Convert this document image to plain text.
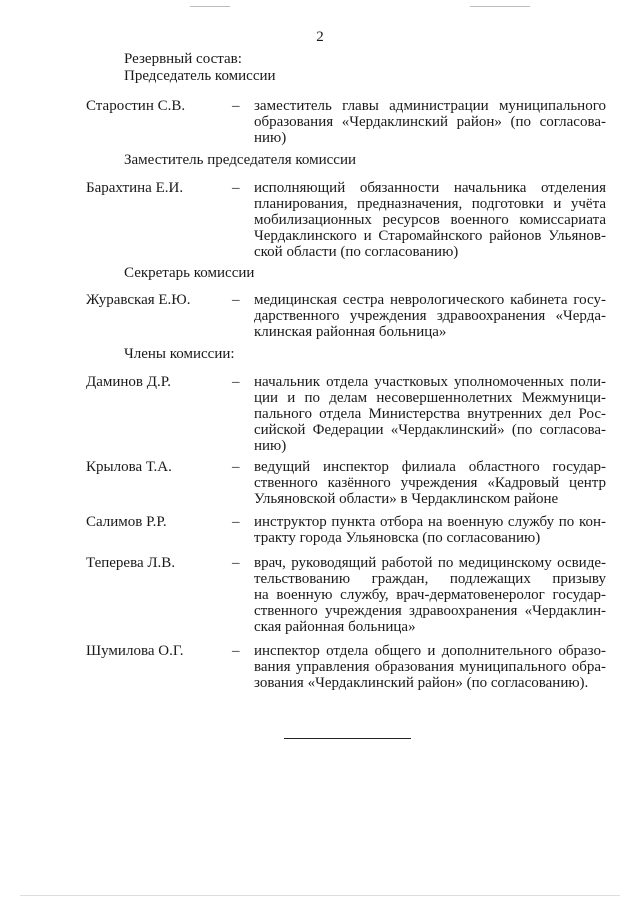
2
Резервный состав:
Председатель комиссии
Старостин С.В.	– заместитель главы администрации муниципального
образования «Чердаклинский район» (по согласова-
нию)
Заместитель председателя комиссии
Барахтина Е.И.	– исполняющий обязанности начальника отделения
планирования, предназначения, подготовки и учёта
мобилизационных ресурсов военного комиссариата
Чердаклинского и Старомайнского районов Ульянов-
ской области (по согласованию)
Секретарь комиссии
Журавская Е.Ю.	– медицинская сестра неврологического кабинета госу-
дарственного учреждения здравоохранения «Черда-
клинская районная больница»
Члены комиссии:
Даминов Д.Р.	– начальник отдела участковых уполномоченных поли-
ции и по делам несовершеннолетних Межмуници-
пального отдела Министерства внутренних дел Рос-
сийской Федерации «Чердаклинский» (по согласова-
нию)
Крылова Т.А.	– ведущий инспектор филиала областного государ-
ственного казённого учреждения «Кадровый центр
Ульяновской области» в Чердаклинском районе
Салимов Р.Р.	– инструктор пункта отбора на военную службу по кон-
тракту города Ульяновска (по согласованию)
Теперева Л.В.	– врач, руководящий работой по медицинскому освиде-
тельствованию граждан, подлежащих призыву
на военную службу, врач-дерматовенеролог государ-
ственного учреждения здравоохранения «Чердаклин-
ская районная больница»
Шумилова О.Г.	– инспектор отдела общего и дополнительного образо-
вания управления образования муниципального обра-
зования «Чердаклинский район» (по согласованию).
